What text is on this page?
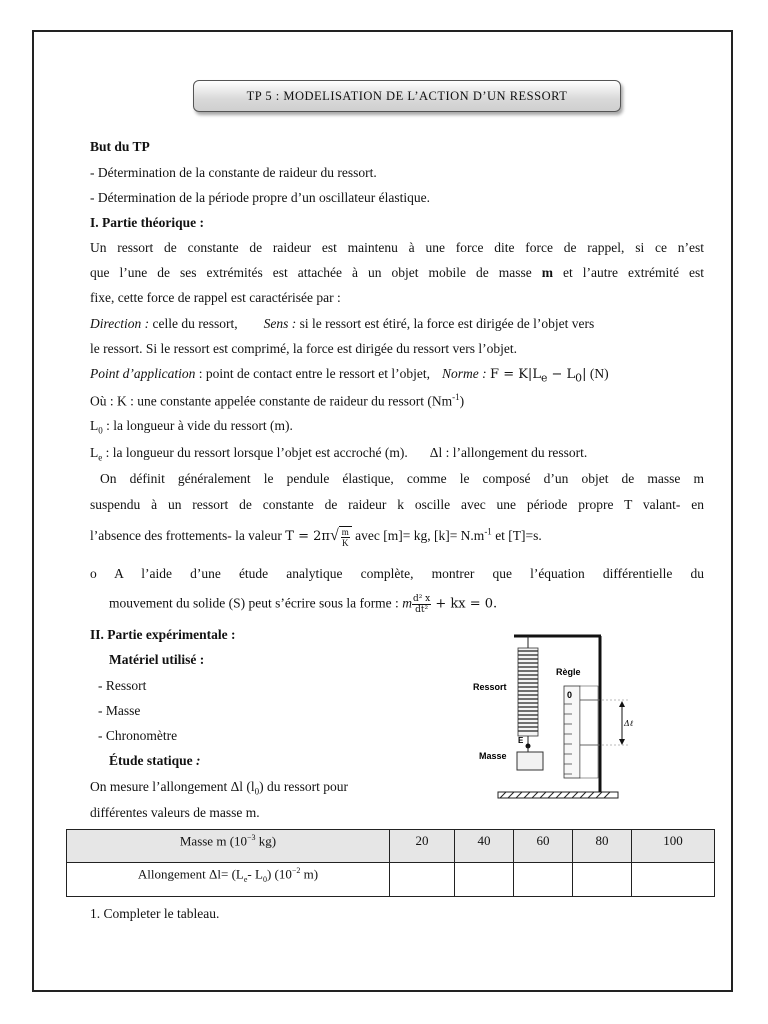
TP 5 : MODELISATION DE L’ACTION D’UN RESSORT
But du TP
- Détermination de la constante de raideur du ressort.
- Détermination de la période propre d’un oscillateur élastique.
I. Partie théorique :
Un ressort de constante de raideur est maintenu à une force dite force de rappel, si ce n’est
que l’une de ses extrémités est attachée à un objet mobile de masse m et l’autre extrémité est
fixe, cette force de rappel est caractérisée par :
Direction : celle du ressort, Sens : si le ressort est étiré, la force est dirigée de l’objet vers
le ressort. Si le ressort est comprimé, la force est dirigée du ressort vers l’objet.
Point d’application : point de contact entre le ressort et l’objet, Norme : $F = K|L_e - L_0|$ (N)
Où : K : une constante appelée constante de raideur du ressort $(Nm^{-1})$
$L_0$ : la longueur à vide du ressort (m).
$L_e$ : la longueur du ressort lorsque l’objet est accroché (m). Δl : l’allongement du ressort.
On définit généralement le pendule élastique, comme le composé d’un objet de masse m
suspendu à un ressort de constante de raideur k oscille avec une période propre T valant- en
l’absence des frottements- la valeur $T = 2\pi√ \frac{m}{K}$ avec [m]= kg, $[k]= N.m^{-1}$ et [T]=s.
o A l’aide d’une étude analytique complète, montrer que l’équation différentielle du
mouvement du solide (S) peut s’écrire sous la forme : m $\frac{\text{d² x}}{\text{dt²}}$ + kx = 0.
II. Partie expérimentale :
Matériel utilisé :
- Ressort
- Masse
- Chronomètre
Étude statique :
On mesure l’allongement Δl $(l_0)$ du ressort pour
différentes valeurs de masse m.
Ressort
Règle
0
E
Masse
Δℓ
Masse m ($10^{-3}$ kg)	20	40	60	80	100
Allongement $\Delta l= (L_e-$ $L_0$) ($10^{-2}$ m)					
1. Completer le tableau.
